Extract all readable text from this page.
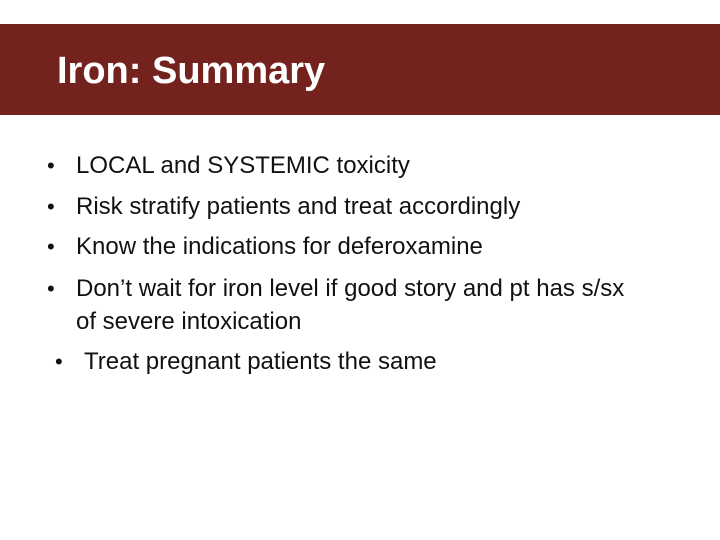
Iron: Summary
• LOCAL and SYSTEMIC toxicity
• Risk stratify patients and treat accordingly
• Know the indications for deferoxamine
• Don’t wait for iron level if good story and pt has s/sx of severe intoxication
• Treat pregnant patients the same
